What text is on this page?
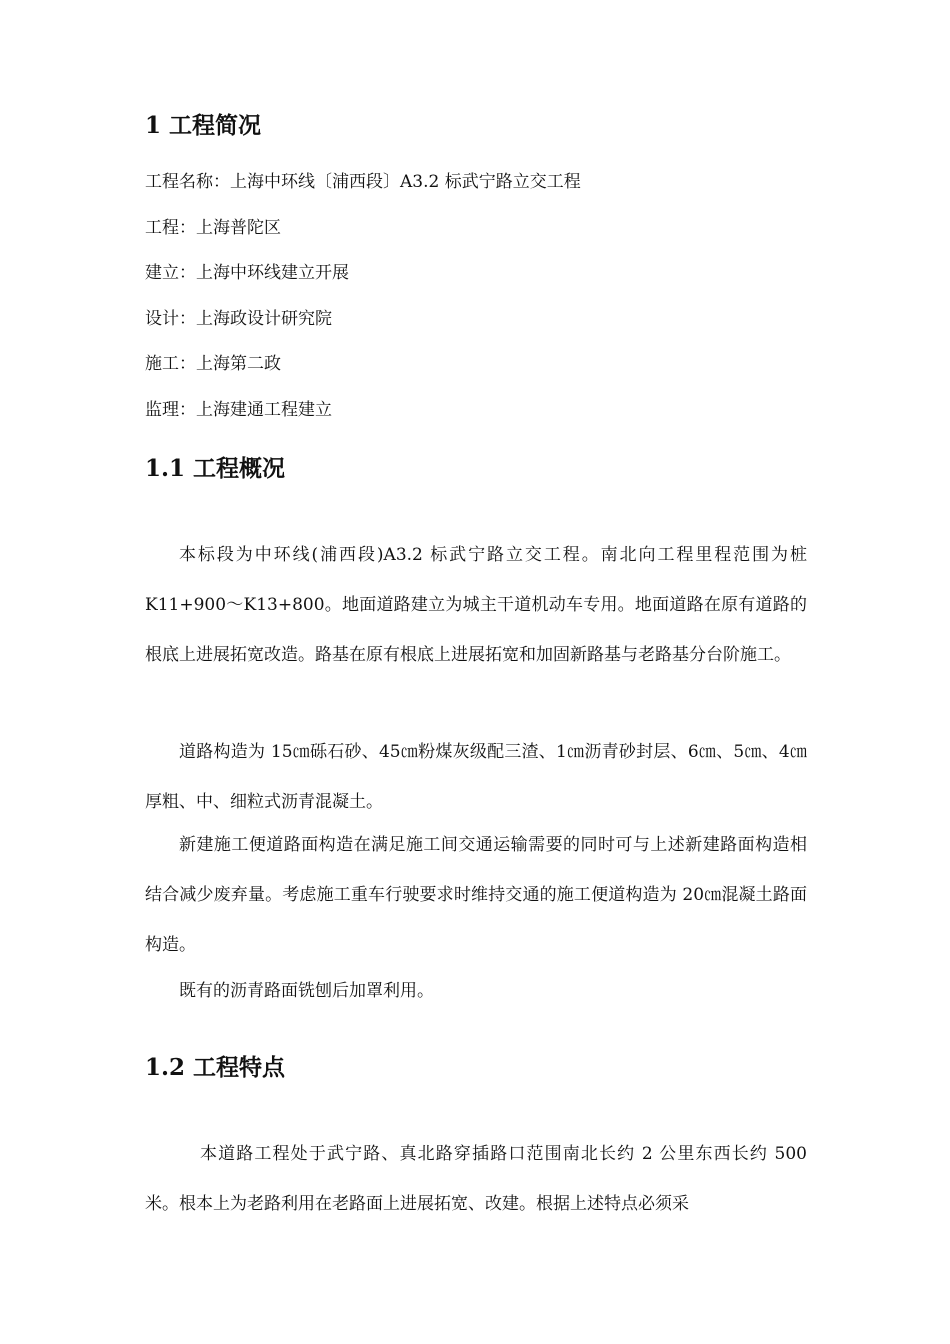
1 工程简况
工程名称：上海中环线〔浦西段〕A3.2 标武宁路立交工程
工程：上海普陀区
建立：上海中环线建立开展
设计：上海政设计研究院
施工：上海第二政
监理：上海建通工程建立
1.1 工程概况
本标段为中环线(浦西段)A3.2 标武宁路立交工程。南北向工程里程范围为桩K11+900～K13+800。地面道路建立为城主干道机动车专用。地面道路在原有道路的根底上进展拓宽改造。路基在原有根底上进展拓宽和加固新路基与老路基分台阶施工。
道路构造为 15㎝砾石砂、45㎝粉煤灰级配三渣、1㎝沥青砂封层、6㎝、5㎝、4㎝厚粗、中、细粒式沥青混凝土。
新建施工便道路面构造在满足施工间交通运输需要的同时可与上述新建路面构造相结合减少废弃量。考虑施工重车行驶要求时维持交通的施工便道构造为 20㎝混凝土路面构造。
既有的沥青路面铣刨后加罩利用。
1.2 工程特点
本道路工程处于武宁路、真北路穿插路口范围南北长约 2 公里东西长约 500 米。根本上为老路利用在老路面上进展拓宽、改建。根据上述特点必须采
